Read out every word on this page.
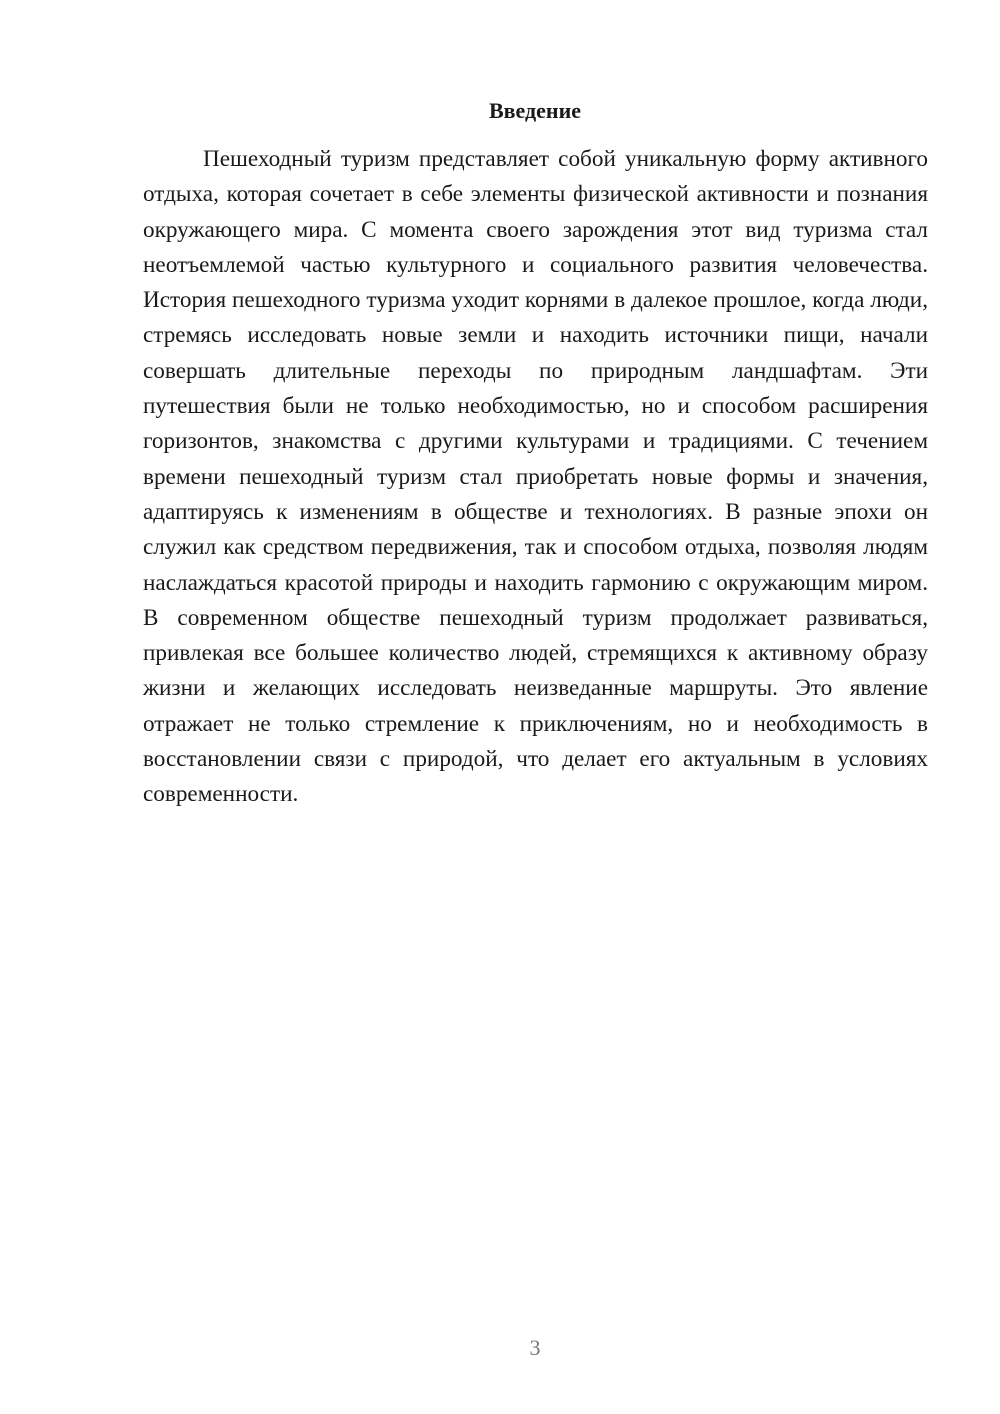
Введение

Пешеходный туризм представляет собой уникальную форму активного отдыха, которая сочетает в себе элементы физической активности и познания окружающего мира. С момента своего зарождения этот вид туризма стал неотъемлемой частью культурного и социального развития человечества. История пешеходного туризма уходит корнями в далекое прошлое, когда люди, стремясь исследовать новые земли и находить источники пищи, начали совершать длительные переходы по природным ландшафтам. Эти путешествия были не только необходимостью, но и способом расширения горизонтов, знакомства с другими культурами и традициями. С течением времени пешеходный туризм стал приобретать новые формы и значения, адаптируясь к изменениям в обществе и технологиях. В разные эпохи он служил как средством передвижения, так и способом отдыха, позволяя людям наслаждаться красотой природы и находить гармонию с окружающим миром. В современном обществе пешеходный туризм продолжает развиваться, привлекая все большее количество людей, стремящихся к активному образу жизни и желающих исследовать неизведанные маршруты. Это явление отражает не только стремление к приключениям, но и необходимость в восстановлении связи с природой, что делает его актуальным в условиях современности.

3
